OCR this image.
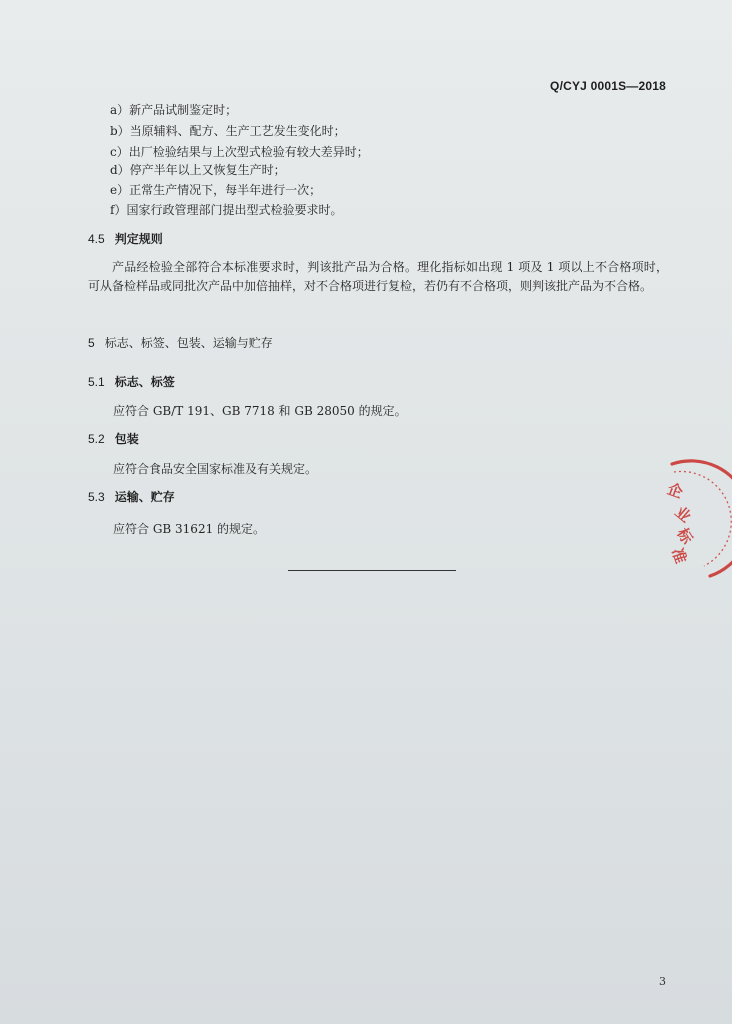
Q/CYJ 0001S—2018
a）新产品试制鉴定时；
b）当原辅料、配方、生产工艺发生变化时；
c）出厂检验结果与上次型式检验有较大差异时；
d）停产半年以上又恢复生产时；
e）正常生产情况下，每半年进行一次；
f）国家行政管理部门提出型式检验要求时。
4.5 判定规则
产品经检验全部符合本标准要求时，判该批产品为合格。理化指标如出现 1 项及 1 项以上不合格项时，可从备检样品或同批次产品中加倍抽样，对不合格项进行复检，若仍有不合格项，则判该批产品为不合格。
5 标志、标签、包装、运输与贮存
5.1 标志、标签
应符合 GB/T 191、GB 7718 和 GB 28050 的规定。
5.2 包装
应符合食品安全国家标准及有关规定。
5.3 运输、贮存
应符合 GB 31621 的规定。
企
业
标
准
3
